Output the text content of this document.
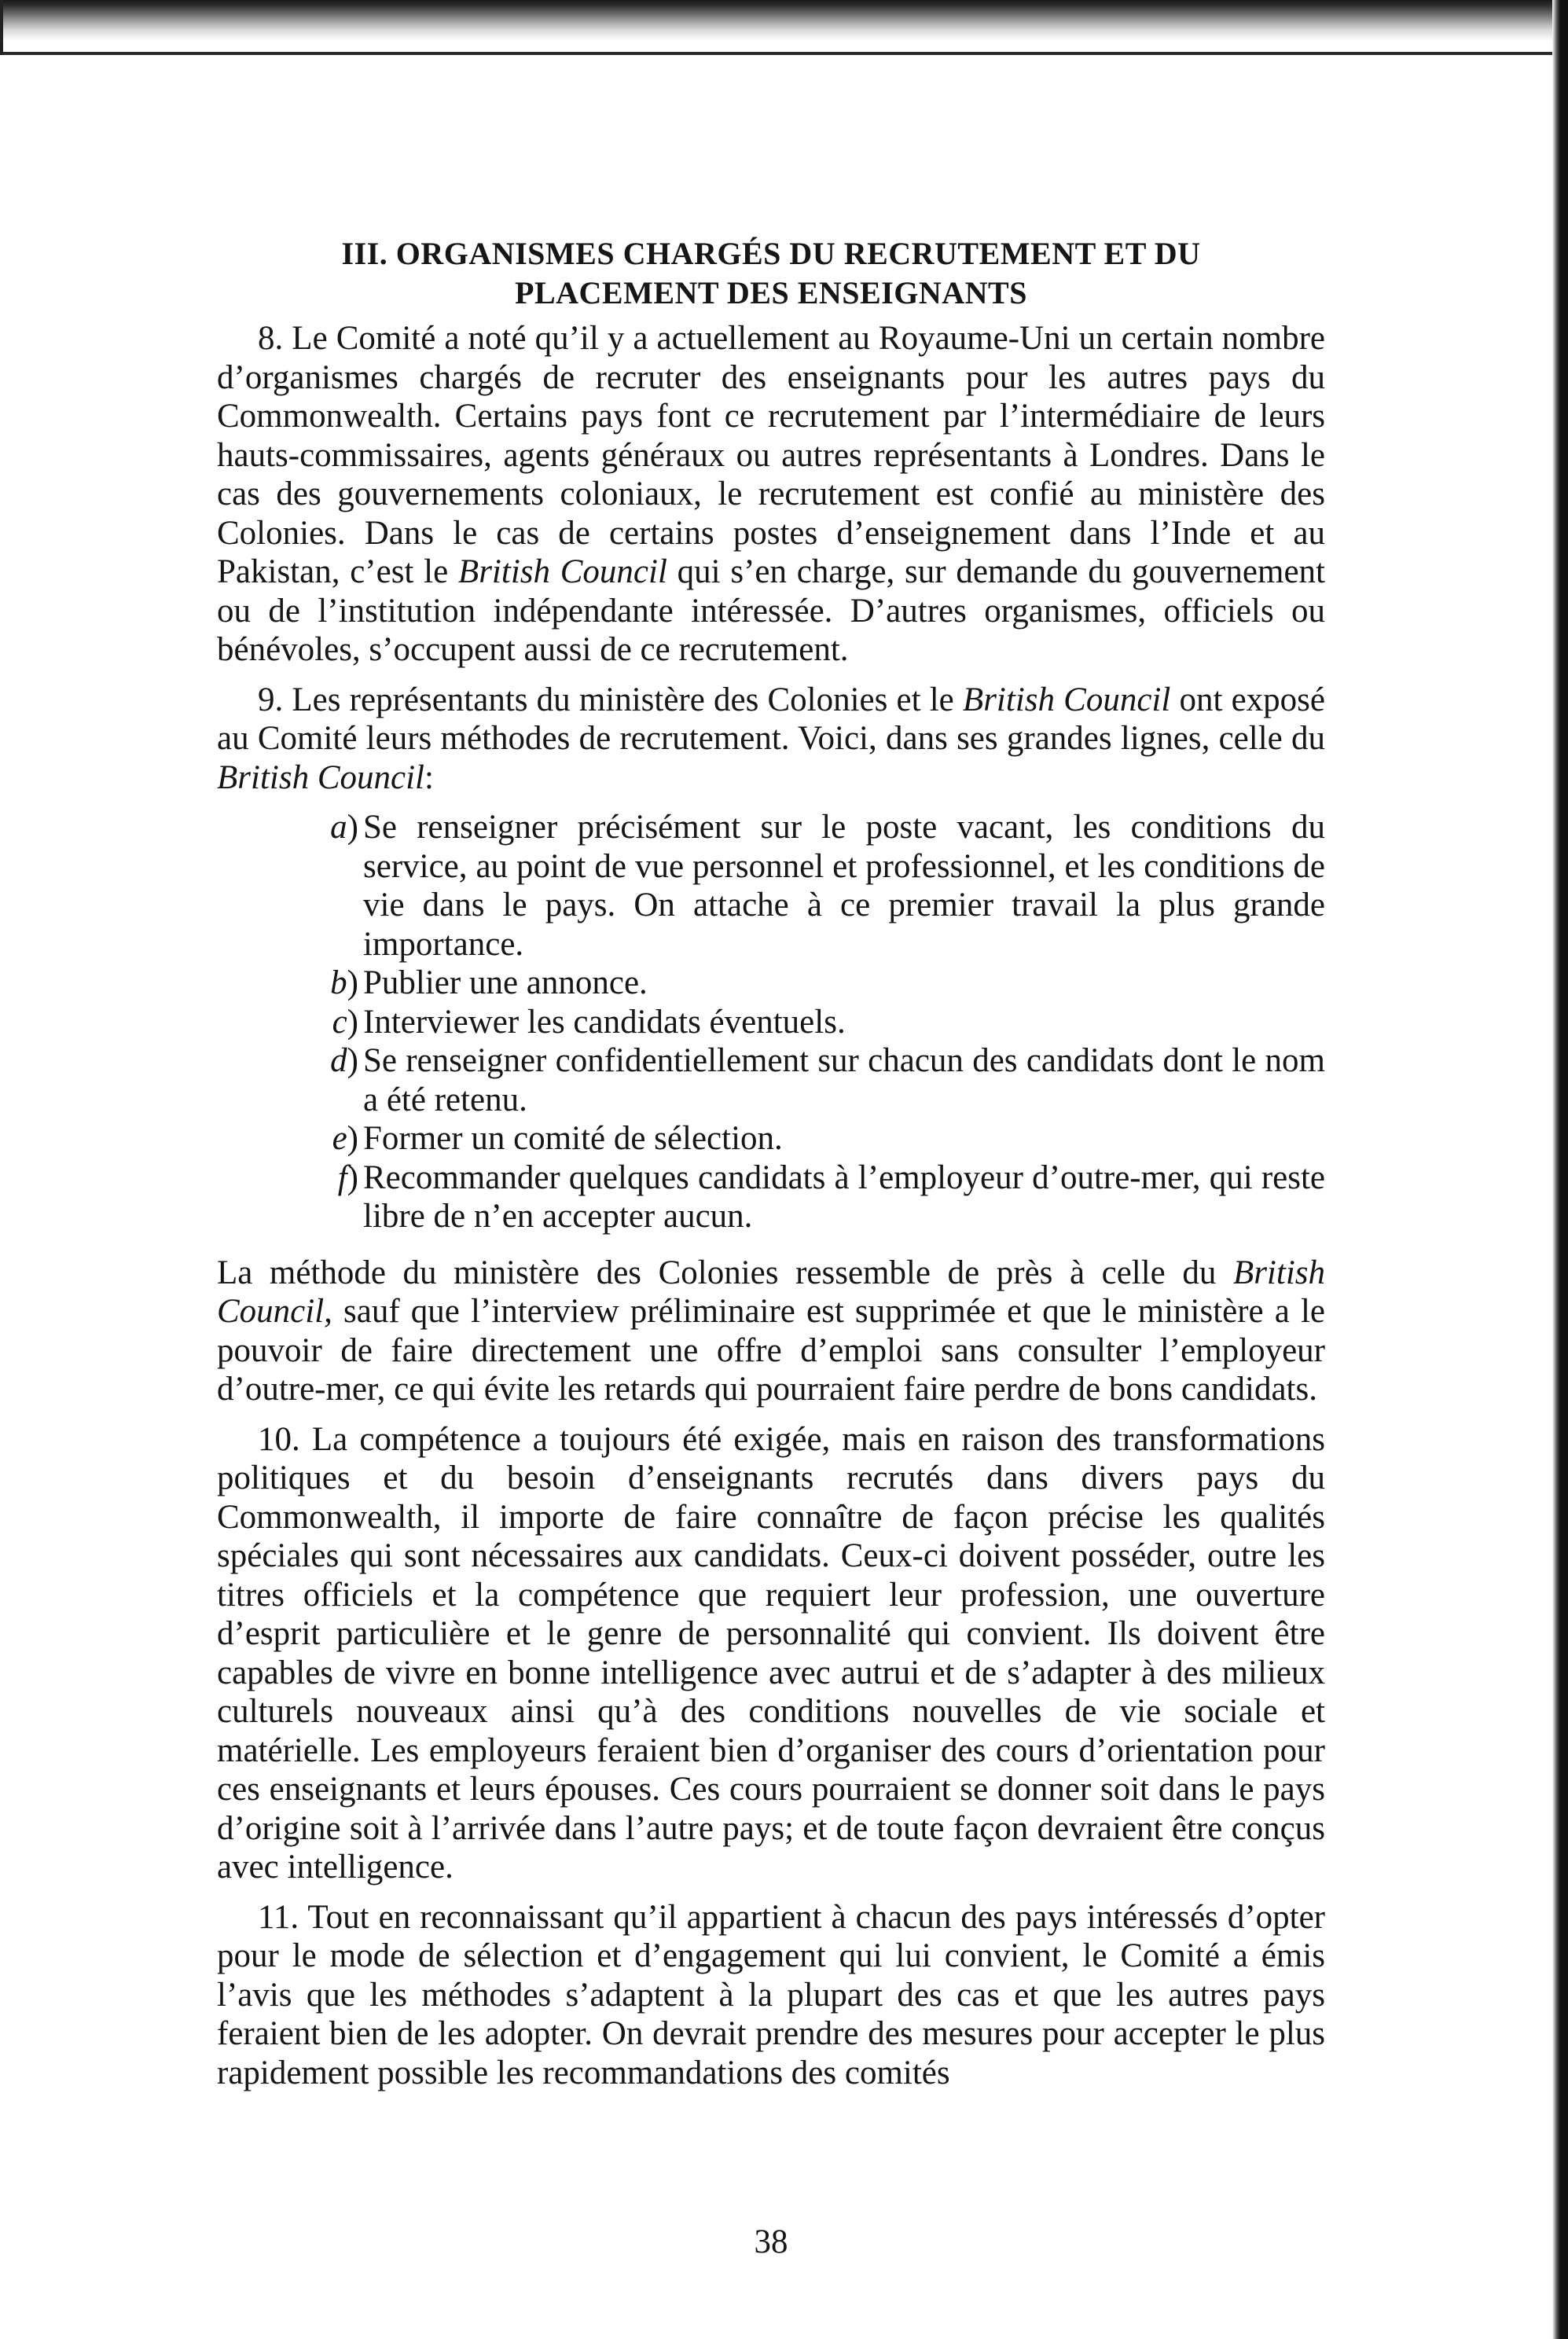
III. ORGANISMES CHARGÉS DU RECRUTEMENT ET DU
PLACEMENT DES ENSEIGNANTS

8. Le Comité a noté qu’il y a actuellement au Royaume-Uni un certain nombre d’organismes chargés de recruter des enseignants pour les autres pays du Commonwealth. Certains pays font ce recrutement par l’intermédiaire de leurs hauts-commissaires, agents généraux ou autres représentants à Londres. Dans le cas des gouvernements coloniaux, le recrutement est confié au ministère des Colonies. Dans le cas de certains postes d’enseignement dans l’Inde et au Pakistan, c’est le British Council qui s’en charge, sur demande du gouvernement ou de l’institution indépendante intéressée. D’autres organismes, officiels ou bénévoles, s’occupent aussi de ce recrutement.

9. Les représentants du ministère des Colonies et le British Council ont exposé au Comité leurs méthodes de recrutement. Voici, dans ses grandes lignes, celle du British Council:

a) Se renseigner précisément sur le poste vacant, les conditions du service, au point de vue personnel et professionnel, et les conditions de vie dans le pays. On attache à ce premier travail la plus grande importance.
b) Publier une annonce.
c) Interviewer les candidats éventuels.
d) Se renseigner confidentiellement sur chacun des candidats dont le nom a été retenu.
e) Former un comité de sélection.
f) Recommander quelques candidats à l’employeur d’outre-mer, qui reste libre de n’en accepter aucun.

La méthode du ministère des Colonies ressemble de près à celle du British Council, sauf que l’interview préliminaire est supprimée et que le ministère a le pouvoir de faire directement une offre d’emploi sans consulter l’employeur d’outre-mer, ce qui évite les retards qui pourraient faire perdre de bons candidats.

10. La compétence a toujours été exigée, mais en raison des transformations politiques et du besoin d’enseignants recrutés dans divers pays du Commonwealth, il importe de faire connaître de façon précise les qualités spéciales qui sont nécessaires aux candidats. Ceux-ci doivent posséder, outre les titres officiels et la compétence que requiert leur profession, une ouverture d’esprit particulière et le genre de personnalité qui convient. Ils doivent être capables de vivre en bonne intelligence avec autrui et de s’adapter à des milieux culturels nouveaux ainsi qu’à des conditions nouvelles de vie sociale et matérielle. Les employeurs feraient bien d’organiser des cours d’orientation pour ces enseignants et leurs épouses. Ces cours pourraient se donner soit dans le pays d’origine soit à l’arrivée dans l’autre pays; et de toute façon devraient être conçus avec intelligence.

11. Tout en reconnaissant qu’il appartient à chacun des pays intéressés d’opter pour le mode de sélection et d’engagement qui lui convient, le Comité a émis l’avis que les méthodes s’adaptent à la plupart des cas et que les autres pays feraient bien de les adopter. On devrait prendre des mesures pour accepter le plus rapidement possible les recommandations des comités

38
